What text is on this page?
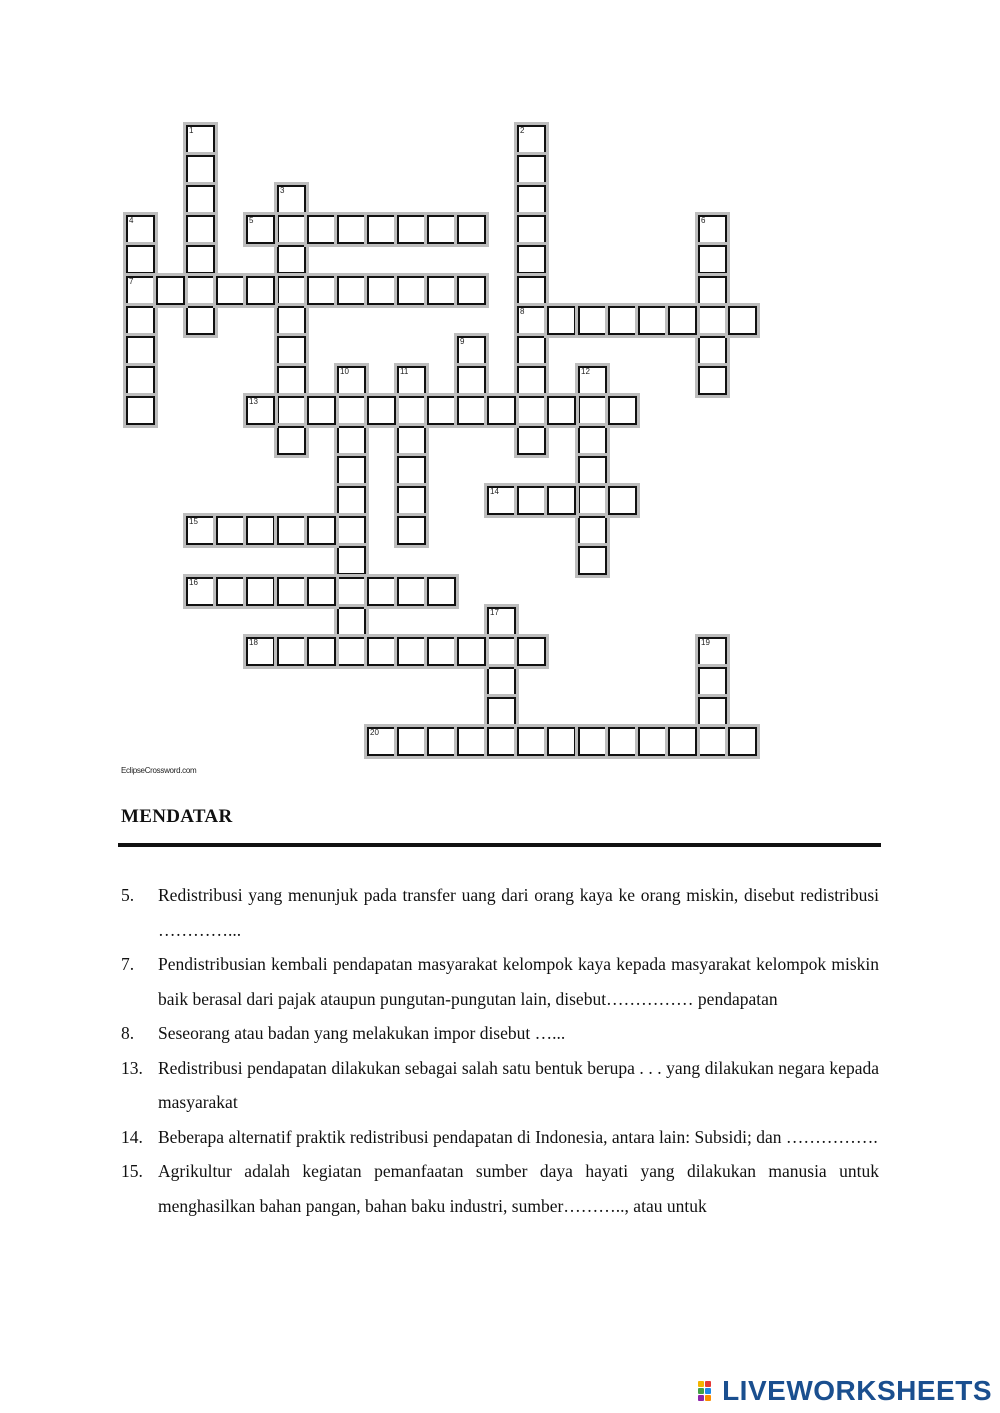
1	2
8
3
4
7
5	6
9
10	11	12
13
14
15
16
17
18	19
20
EclipseCrossword.com
MENDATAR
5. Redistribusi yang menunjuk pada transfer uang dari orang kaya ke orang miskin, disebut redistribusi …………...
7. Pendistribusian kembali pendapatan masyarakat kelompok kaya kepada masyarakat kelompok miskin baik berasal dari pajak ataupun pungutan-pungutan lain, disebut…………… pendapatan
8. Seseorang atau badan yang melakukan impor disebut …...
13. Redistribusi pendapatan dilakukan sebagai salah satu bentuk berupa . . . yang dilakukan negara kepada masyarakat
14. Beberapa alternatif praktik redistribusi pendapatan di Indonesia, antara lain: Subsidi; dan …………….
15. Agrikultur adalah kegiatan pemanfaatan sumber daya hayati yang dilakukan manusia untuk menghasilkan bahan pangan, bahan baku industri, sumber……….., atau untuk
LIVEWORKSHEETS
